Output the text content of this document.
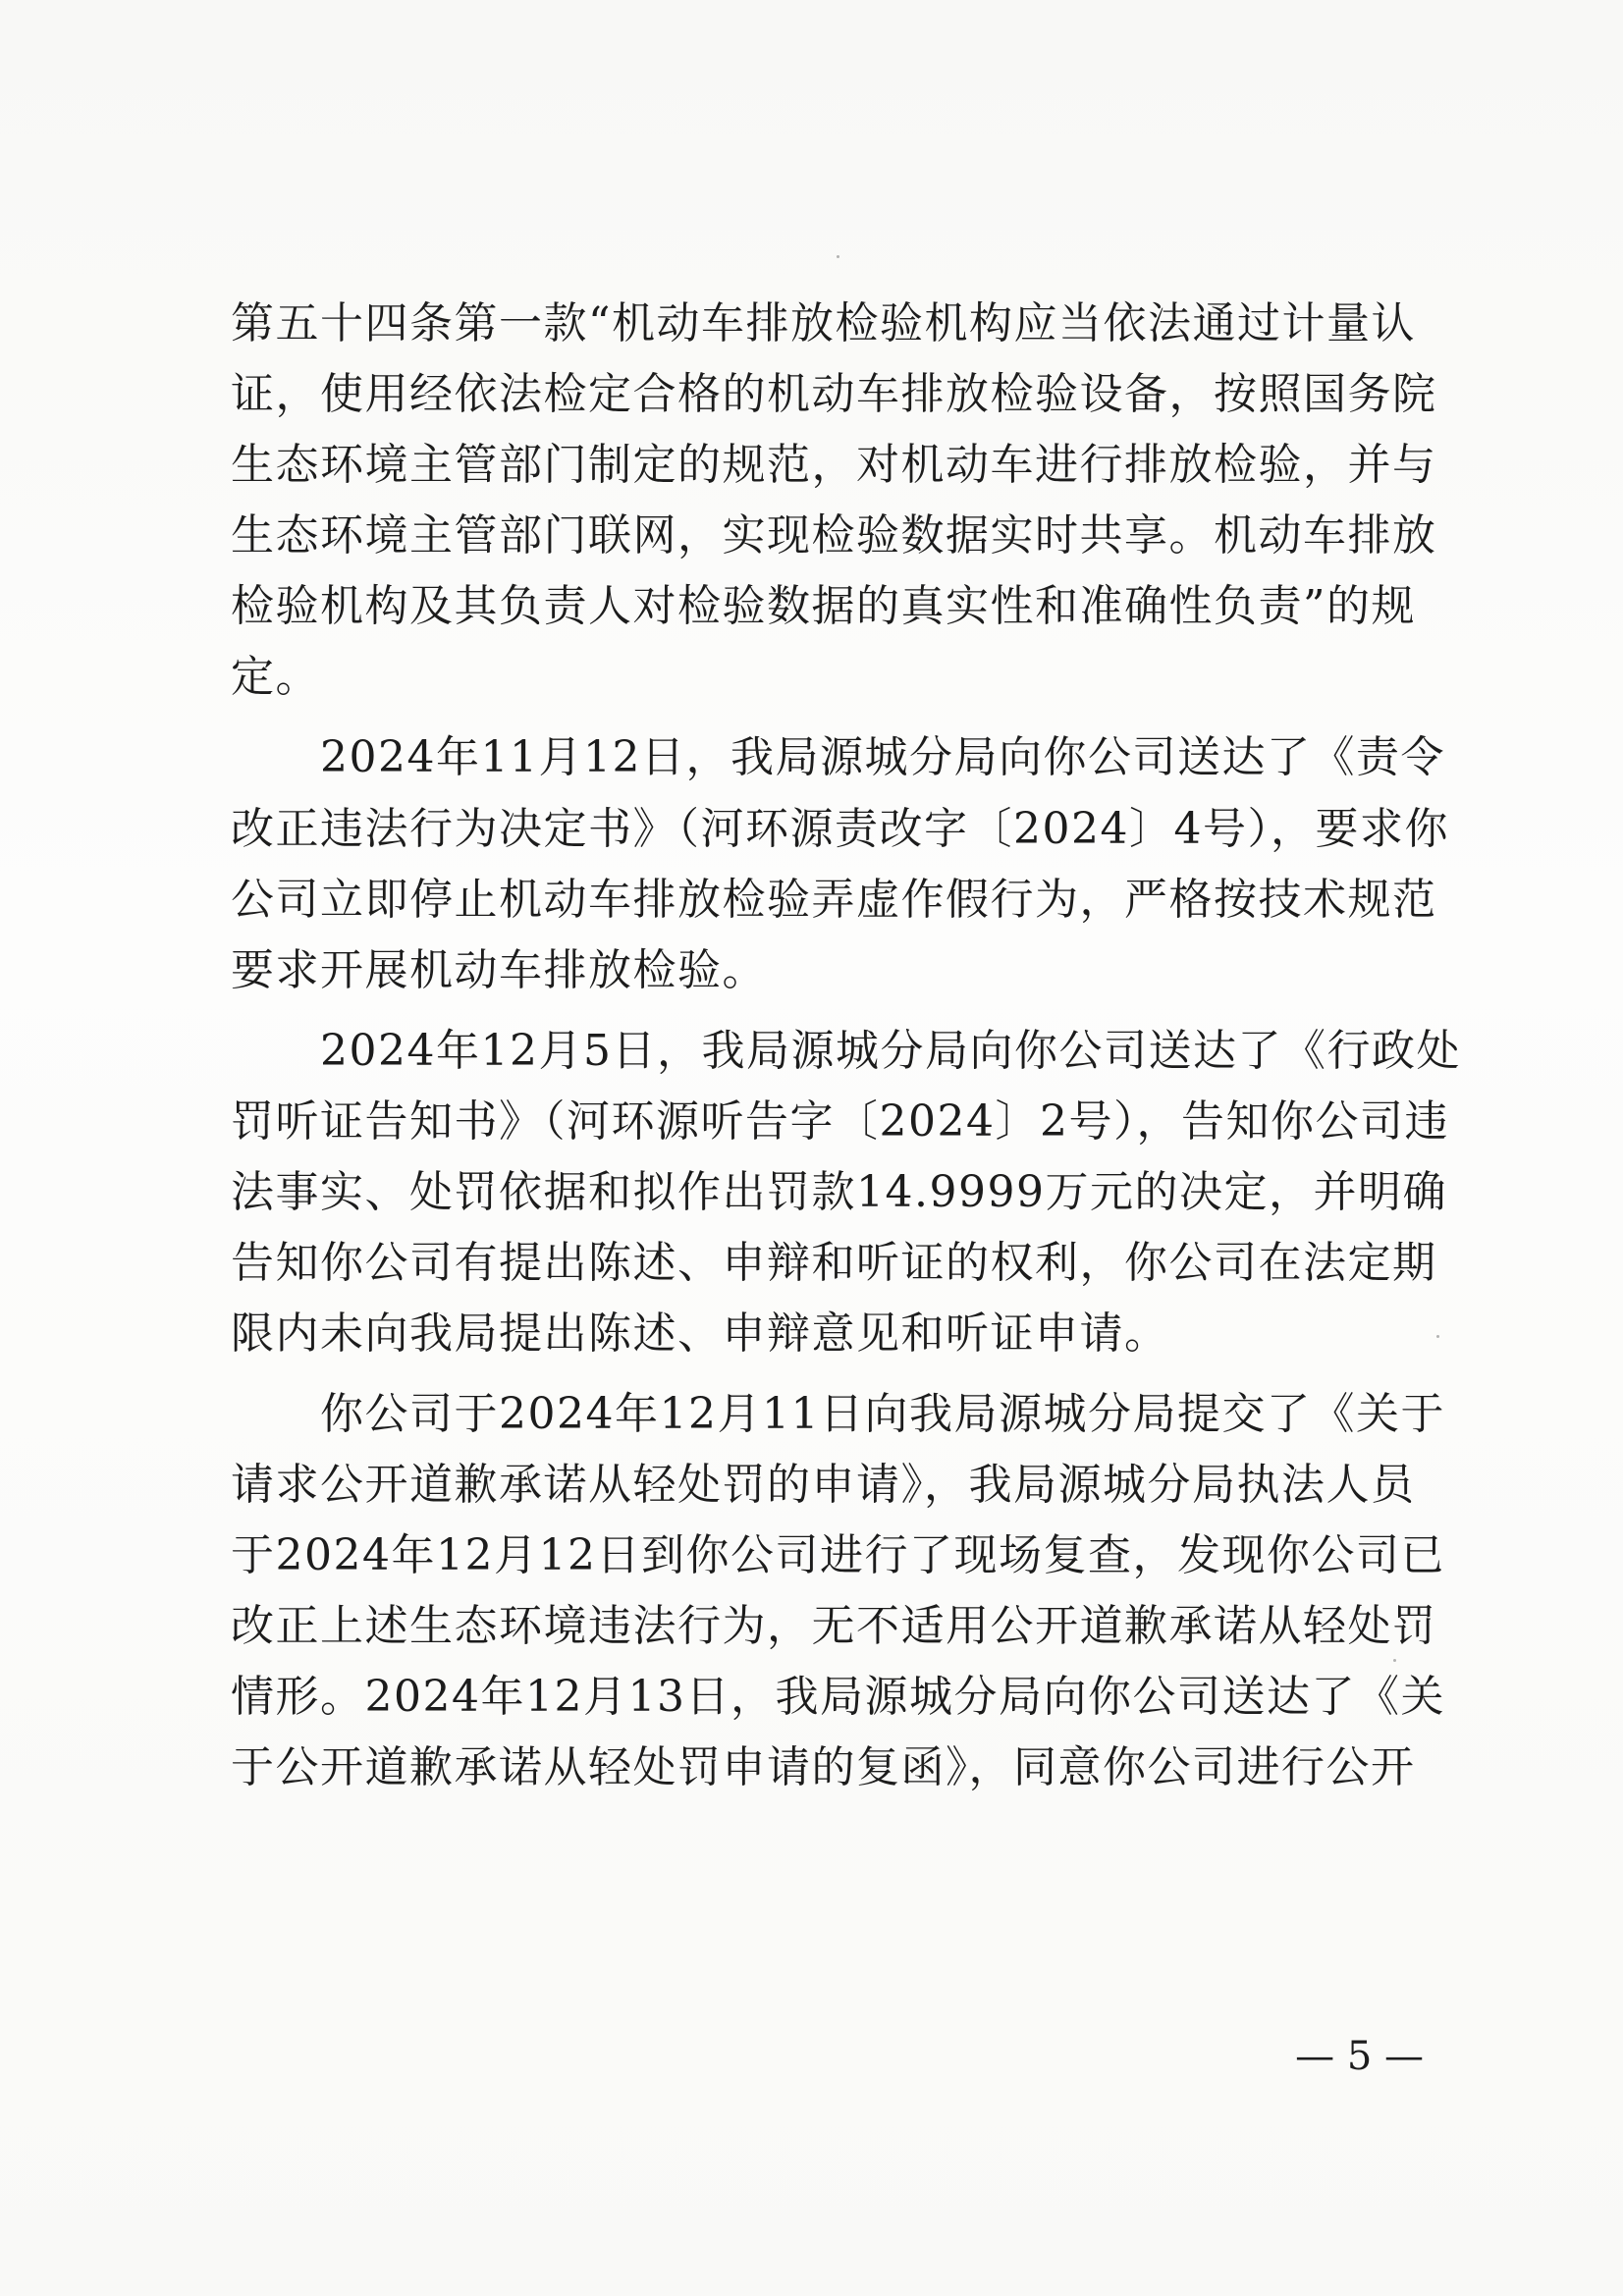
第五十四条第一款“机动车排放检验机构应当依法通过计量认
证，使用经依法检定合格的机动车排放检验设备，按照国务院
生态环境主管部门制定的规范，对机动车进行排放检验，并与
生态环境主管部门联网，实现检验数据实时共享。机动车排放
检验机构及其负责人对检验数据的真实性和准确性负责”的规
定。
　　2024年11月12日，我局源城分局向你公司送达了《责令
改正违法行为决定书》（河环源责改字〔2024〕4号），要求你
公司立即停止机动车排放检验弄虚作假行为，严格按技术规范
要求开展机动车排放检验。
　　2024年12月5日，我局源城分局向你公司送达了《行政处
罚听证告知书》（河环源听告字〔2024〕2号），告知你公司违
法事实、处罚依据和拟作出罚款14.9999万元的决定，并明确
告知你公司有提出陈述、申辩和听证的权利，你公司在法定期
限内未向我局提出陈述、申辩意见和听证申请。
　　你公司于2024年12月11日向我局源城分局提交了《关于
请求公开道歉承诺从轻处罚的申请》，我局源城分局执法人员
于2024年12月12日到你公司进行了现场复查，发现你公司已
改正上述生态环境违法行为，无不适用公开道歉承诺从轻处罚
情形。2024年12月13日，我局源城分局向你公司送达了《关
于公开道歉承诺从轻处罚申请的复函》，同意你公司进行公开
— 5 —
